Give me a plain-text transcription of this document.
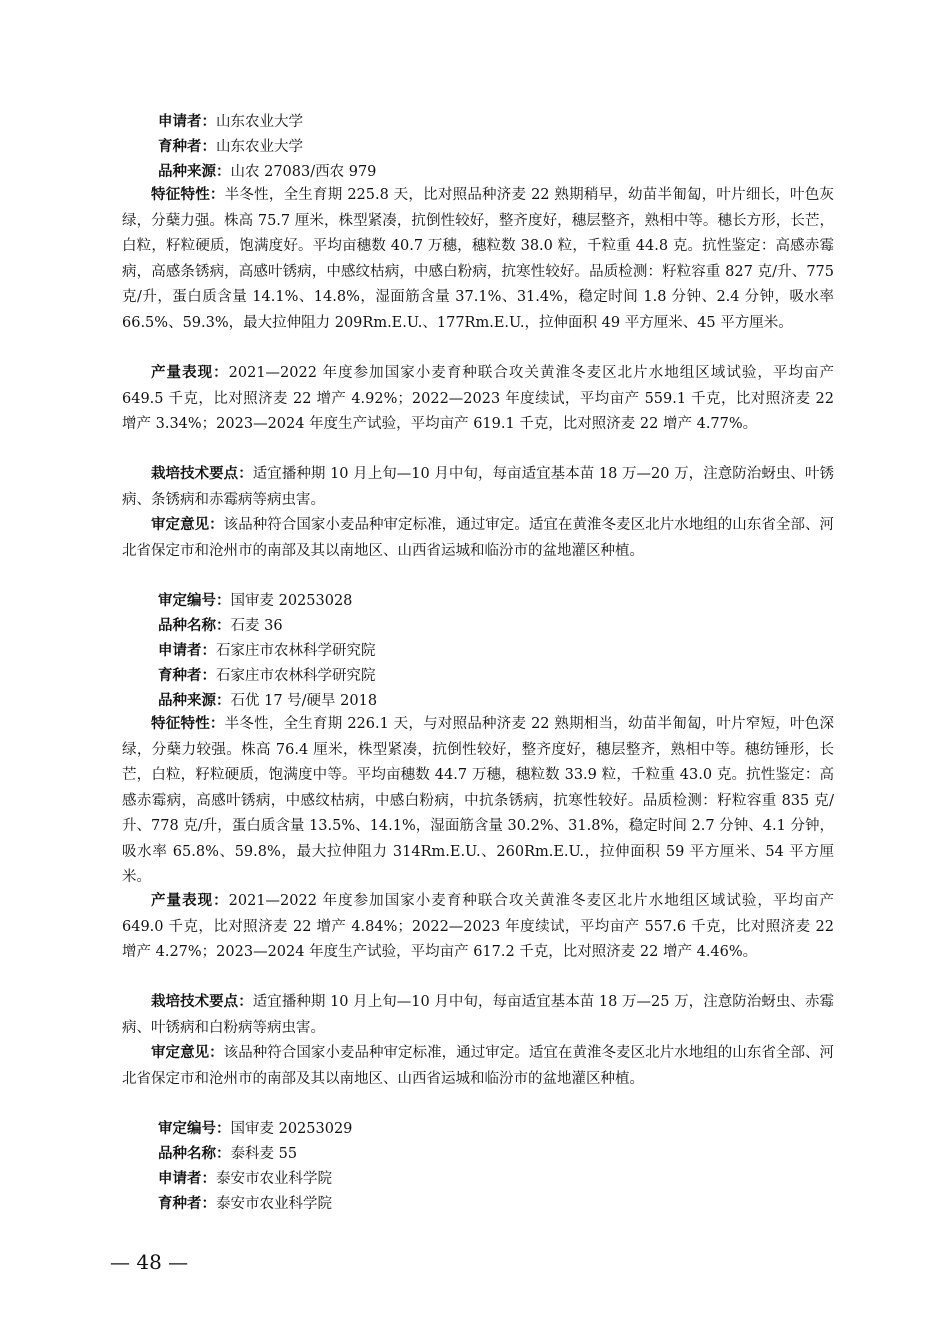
申请者：山东农业大学
育种者：山东农业大学
品种来源：山农 27083/西农 979
特征特性：半冬性，全生育期 225.8 天，比对照品种济麦 22 熟期稍早，幼苗半匍匐，叶片细长，叶色灰绿，分蘖力强。株高 75.7 厘米，株型紧凑，抗倒性较好，整齐度好，穗层整齐，熟相中等。穗长方形，长芒，白粒，籽粒硬质，饱满度好。平均亩穗数 40.7 万穗，穗粒数 38.0 粒，千粒重 44.8 克。抗性鉴定：高感赤霉病，高感条锈病，高感叶锈病，中感纹枯病，中感白粉病，抗寒性较好。品质检测：籽粒容重 827 克/升、775 克/升，蛋白质含量 14.1%、14.8%，湿面筋含量 37.1%、31.4%，稳定时间 1.8 分钟、2.4 分钟，吸水率 66.5%、59.3%，最大拉伸阻力 209Rm.E.U.、177Rm.E.U.，拉伸面积 49 平方厘米、45 平方厘米。
产量表现：2021—2022 年度参加国家小麦育种联合攻关黄淮冬麦区北片水地组区域试验，平均亩产 649.5 千克，比对照济麦 22 增产 4.92%；2022—2023 年度续试，平均亩产 559.1 千克，比对照济麦 22 增产 3.34%；2023—2024 年度生产试验，平均亩产 619.1 千克，比对照济麦 22 增产 4.77%。
栽培技术要点：适宜播种期 10 月上旬—10 月中旬，每亩适宜基本苗 18 万—20 万，注意防治蚜虫、叶锈病、条锈病和赤霉病等病虫害。
审定意见：该品种符合国家小麦品种审定标准，通过审定。适宜在黄淮冬麦区北片水地组的山东省全部、河北省保定市和沧州市的南部及其以南地区、山西省运城和临汾市的盆地灌区种植。
审定编号：国审麦 20253028
品种名称：石麦 36
申请者：石家庄市农林科学研究院
育种者：石家庄市农林科学研究院
品种来源：石优 17 号/硬旱 2018
特征特性：半冬性，全生育期 226.1 天，与对照品种济麦 22 熟期相当，幼苗半匍匐，叶片窄短，叶色深绿，分蘖力较强。株高 76.4 厘米，株型紧凑，抗倒性较好，整齐度好，穗层整齐，熟相中等。穗纺锤形，长芒，白粒，籽粒硬质，饱满度中等。平均亩穗数 44.7 万穗，穗粒数 33.9 粒，千粒重 43.0 克。抗性鉴定：高感赤霉病，高感叶锈病，中感纹枯病，中感白粉病，中抗条锈病，抗寒性较好。品质检测：籽粒容重 835 克/升、778 克/升，蛋白质含量 13.5%、14.1%，湿面筋含量 30.2%、31.8%，稳定时间 2.7 分钟、4.1 分钟，吸水率 65.8%、59.8%，最大拉伸阻力 314Rm.E.U.、260Rm.E.U.，拉伸面积 59 平方厘米、54 平方厘米。
产量表现：2021—2022 年度参加国家小麦育种联合攻关黄淮冬麦区北片水地组区域试验，平均亩产 649.0 千克，比对照济麦 22 增产 4.84%；2022—2023 年度续试，平均亩产 557.6 千克，比对照济麦 22 增产 4.27%；2023—2024 年度生产试验，平均亩产 617.2 千克，比对照济麦 22 增产 4.46%。
栽培技术要点：适宜播种期 10 月上旬—10 月中旬，每亩适宜基本苗 18 万—25 万，注意防治蚜虫、赤霉病、叶锈病和白粉病等病虫害。
审定意见：该品种符合国家小麦品种审定标准，通过审定。适宜在黄淮冬麦区北片水地组的山东省全部、河北省保定市和沧州市的南部及其以南地区、山西省运城和临汾市的盆地灌区种植。
审定编号：国审麦 20253029
品种名称：泰科麦 55
申请者：泰安市农业科学院
育种者：泰安市农业科学院
— 48 —
